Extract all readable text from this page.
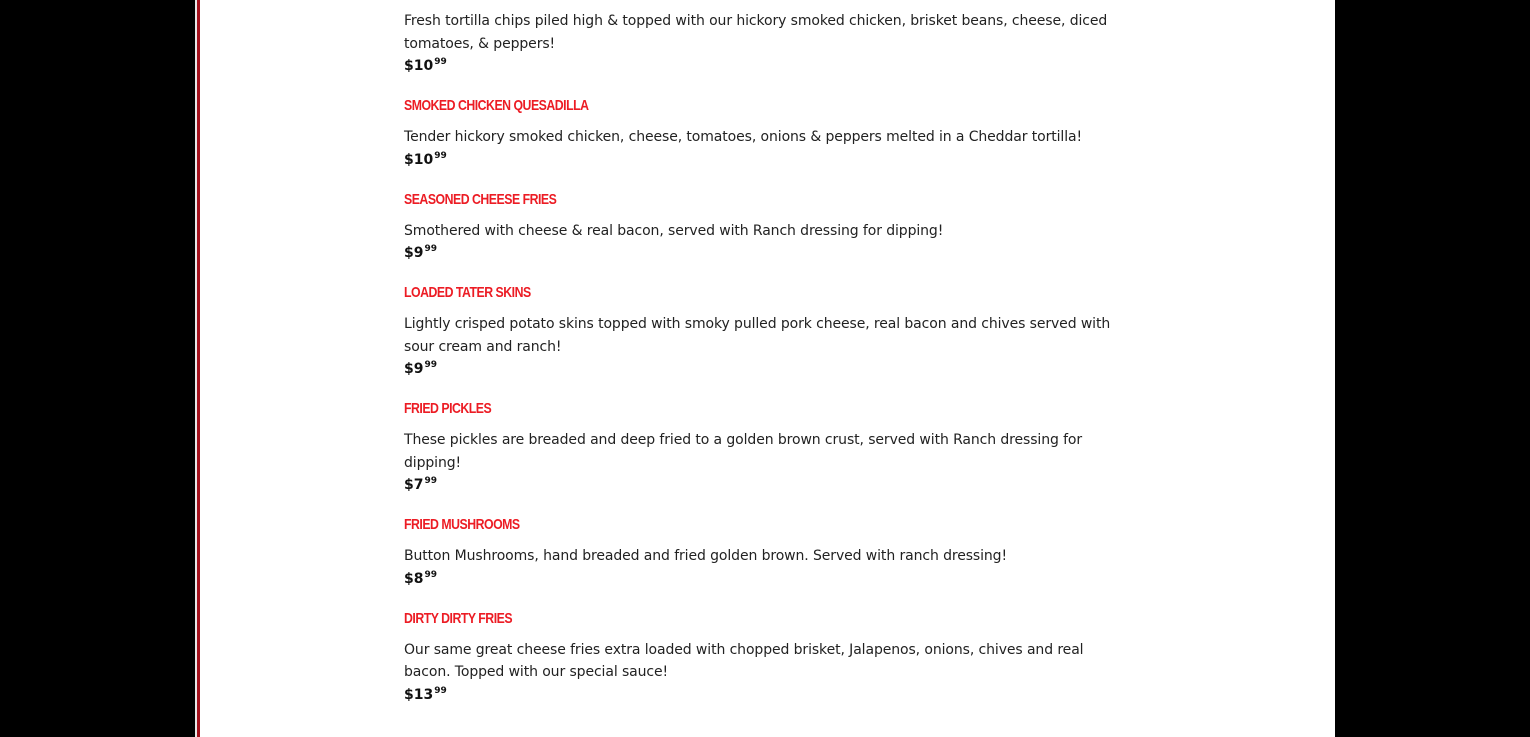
Fresh tortilla chips piled high & topped with our hickory smoked chicken, brisket beans, cheese, diced tomatoes, & peppers!
$\$10^{99}$
SMOKED CHICKEN QUESADILLA
Tender hickory smoked chicken, cheese, tomatoes, onions & peppers melted in a Cheddar tortilla!
$\$10^{99}$
SEASONED CHEESE FRIES
Smothered with cheese & real bacon, served with Ranch dressing for dipping!
$\$9^{99}$
LOADED TATER SKINS
Lightly crisped potato skins topped with smoky pulled pork cheese, real bacon and chives served with sour cream and ranch!
$\$9^{99}$
FRIED PICKLES
These pickles are breaded and deep fried to a golden brown crust, served with Ranch dressing for dipping!
$\$7^{99}$
FRIED MUSHROOMS
Button Mushrooms, hand breaded and fried golden brown. Served with ranch dressing!
$\$8^{99}$
DIRTY DIRTY FRIES
Our same great cheese fries extra loaded with chopped brisket, Jalapenos, onions, chives and real bacon. Topped with our special sauce!
$\$13^{99}$
